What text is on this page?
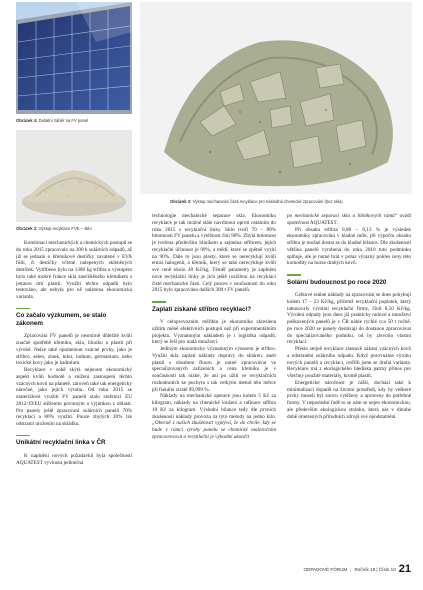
Obrázek 4: Detailní záběr na FV panel
Obrázek 2: Výstup recyklace FVE – sklo
Obrázek 3: Výstup mechanické části recyklace pro následné chemické zpracování (bez skla)

Kombinací mechanických a chemických postupů se do roku 2015 zpracovalo na 300 k solárních odpadů, až již se jednalo o křemíkové destičky zavatené v EVA fólii, či destičky včetně nalepených skleněných destiček. Vytříbeno bylo na 1300 kg stříbra a výstupem bylo také mokré frakce skla znečištěného křemíkem s jemnou drtí plastů. Využití těchto odpadů bylo testováno, ale nebyla pro ně nalezena ekonomická varianta.

Co začalo výzkumem, se stalo zákonem

Zpracování FV panelů je nesmírně důležité kvůli značné spotřebě křemíku, skla, hliníku a plastů při výrobě. Nelze také opomenout vzácné prvky, jako je stříbro, selen, zinek, telur, indium, germanium, nebo toxické kovy jako je kadmium.

Recyklace v sobě skýtá nejenom ekonomický aspekt kvůli hodnotě a snížení zastoupení těchto vzácných kovů na planetě, zároveň také tak energeticky náročné, jako jejich výroba. Od roku 2015 se materiálové využití FV panelů stalo směrnicí EU 2012/19/EU stěžením povinným a výjimkou z oblasti. Pro panely ještě zpracovaní solárních panelů 70% recyklaci a 80% využití. Pouze zbylých 20% lze odstranit uložením na skládku.

Unikátní recyklační linka v ČR

K naplnění nových požadavků byla společností AQUATEST vyvinuta jedinečná

technologie mechanické separace skla. Ekonomiku recyklace je tak možné stále navrhnout oproti ostatním do roku 2015 s recyklační linky. Sklo tvoří 70 – 80% hmotnosti FV panelu a výtěžnost činí 90%. Zbylá hmotnost je tvořena především hliníkem a zejména stříbrem, jejich recyklační účinnost je 99%, a mědí, které se zpětně vyzítí na 90%. Dále to jsou plasty, které se nerecyklují kvůli emisi halogenů, a křemík, který se také nerecykluje kvůli své ceně okolo 40 Kč/kg. Téměř parametry je zaplnění nové recyklační linky je jich ještě rozžíření na recyklaci čisté mechanické části. Celý proces v současnosti do roku 2015 bylo zpracováno dalších 300 t FV panelů.

Zaplatí získané stříbro recyklaci?

V celoprovozním měřítku je ekonomika zkreslena užitím méně efektivních postupů než při experimentálním projektu. Významným nákladem je i logistika odpadů, který se řeší pro malá množství.

Jediným ekonomicky významným výnosem je stříbro. Využití skla zaplatí náklady dopravy do skláren, aneb plastů s obsahem fluoru je nutné zpracovávat ve specializovaných zařízeních a cena křemíku je v současnosti tak nízké, že ani po užití ve recyklačních rozhodnutích ke pochytu s tak velkými metod této měrce při fiskální ztrátě 99,999 %.

Náklady na mechanické operace jsou kolem 5 Kč za kilogram, náklady na chemické loužení a rafinace stříbra 10 Kč za kilogram. Výslední bilance tedy dle prvních zkušeností náklady provozu za tyto metody na jedno kilo. „Obecně z našich zkušeností vyplývá, že do chvíle, kdy se bude v rámci výroby panelu se chemické maloročním zpracovnvovat a recyklační je výhodné ukončit

po mechanické separaci skla a hliníkových rámů“ uvádí společnost AQUATEST.

Při obsahu stříbra 0,08 – 0,13 % je výsledek ekonomiky zpracování v kladné míře, při výpočtu obsahu stříbra je možné dostat se do kladné bilance. Dle zkušeností většina panelů vyrobená do roku 2010 tuto podmínku splňuje, ale je nutné brát v potaz výrazný pokles ceny této komodity na burze drahých kovů.

Solární budoucnost po roce 2020

Celkové reálné náklady na zpracování se dnes pohybují kolem 17 – 23 Kč/kg, přičemž recyklační poplatek, který tabusovaly výrobní recyklační firmy, činil 8,50 Kč/kg. Výrobní odpady jsou dnes již prakticky nulové a množství poškozených panelů je v ČR náhle rychlé cca 50 t ročně, po roce 2020 se panely dostávají do dostanou zpracovávat do specializovaného podniku, od by zlevnilo vlastní recyklací.

Přesto stejně recyklace zlastavě zákaní vzácných kovů a odstranění solárního odpadu. Když porovnáme výrobu nových panelů a recyklaci, ověřili jsme se druhá varianta. Recyklace má z ekologického hlediska patrný přínos pro všechny použité materiály, kromě plastů.

Energetické náročnost je nižší, dochází také k minimalizaci dopadů na životní prostředí, kdy by veškeré prvky museli být znovu vytěženy a upraveny do potřebné formy. V neposlední řadě to se nám se nejen ekonomickou, ale především ekologickou stránku, která nás v dlouhé době omezených přírodních zdrojů své opodstatnění.

ODPADOVÉ FÓRUM | Ročník 19 | Číslo 10 21
